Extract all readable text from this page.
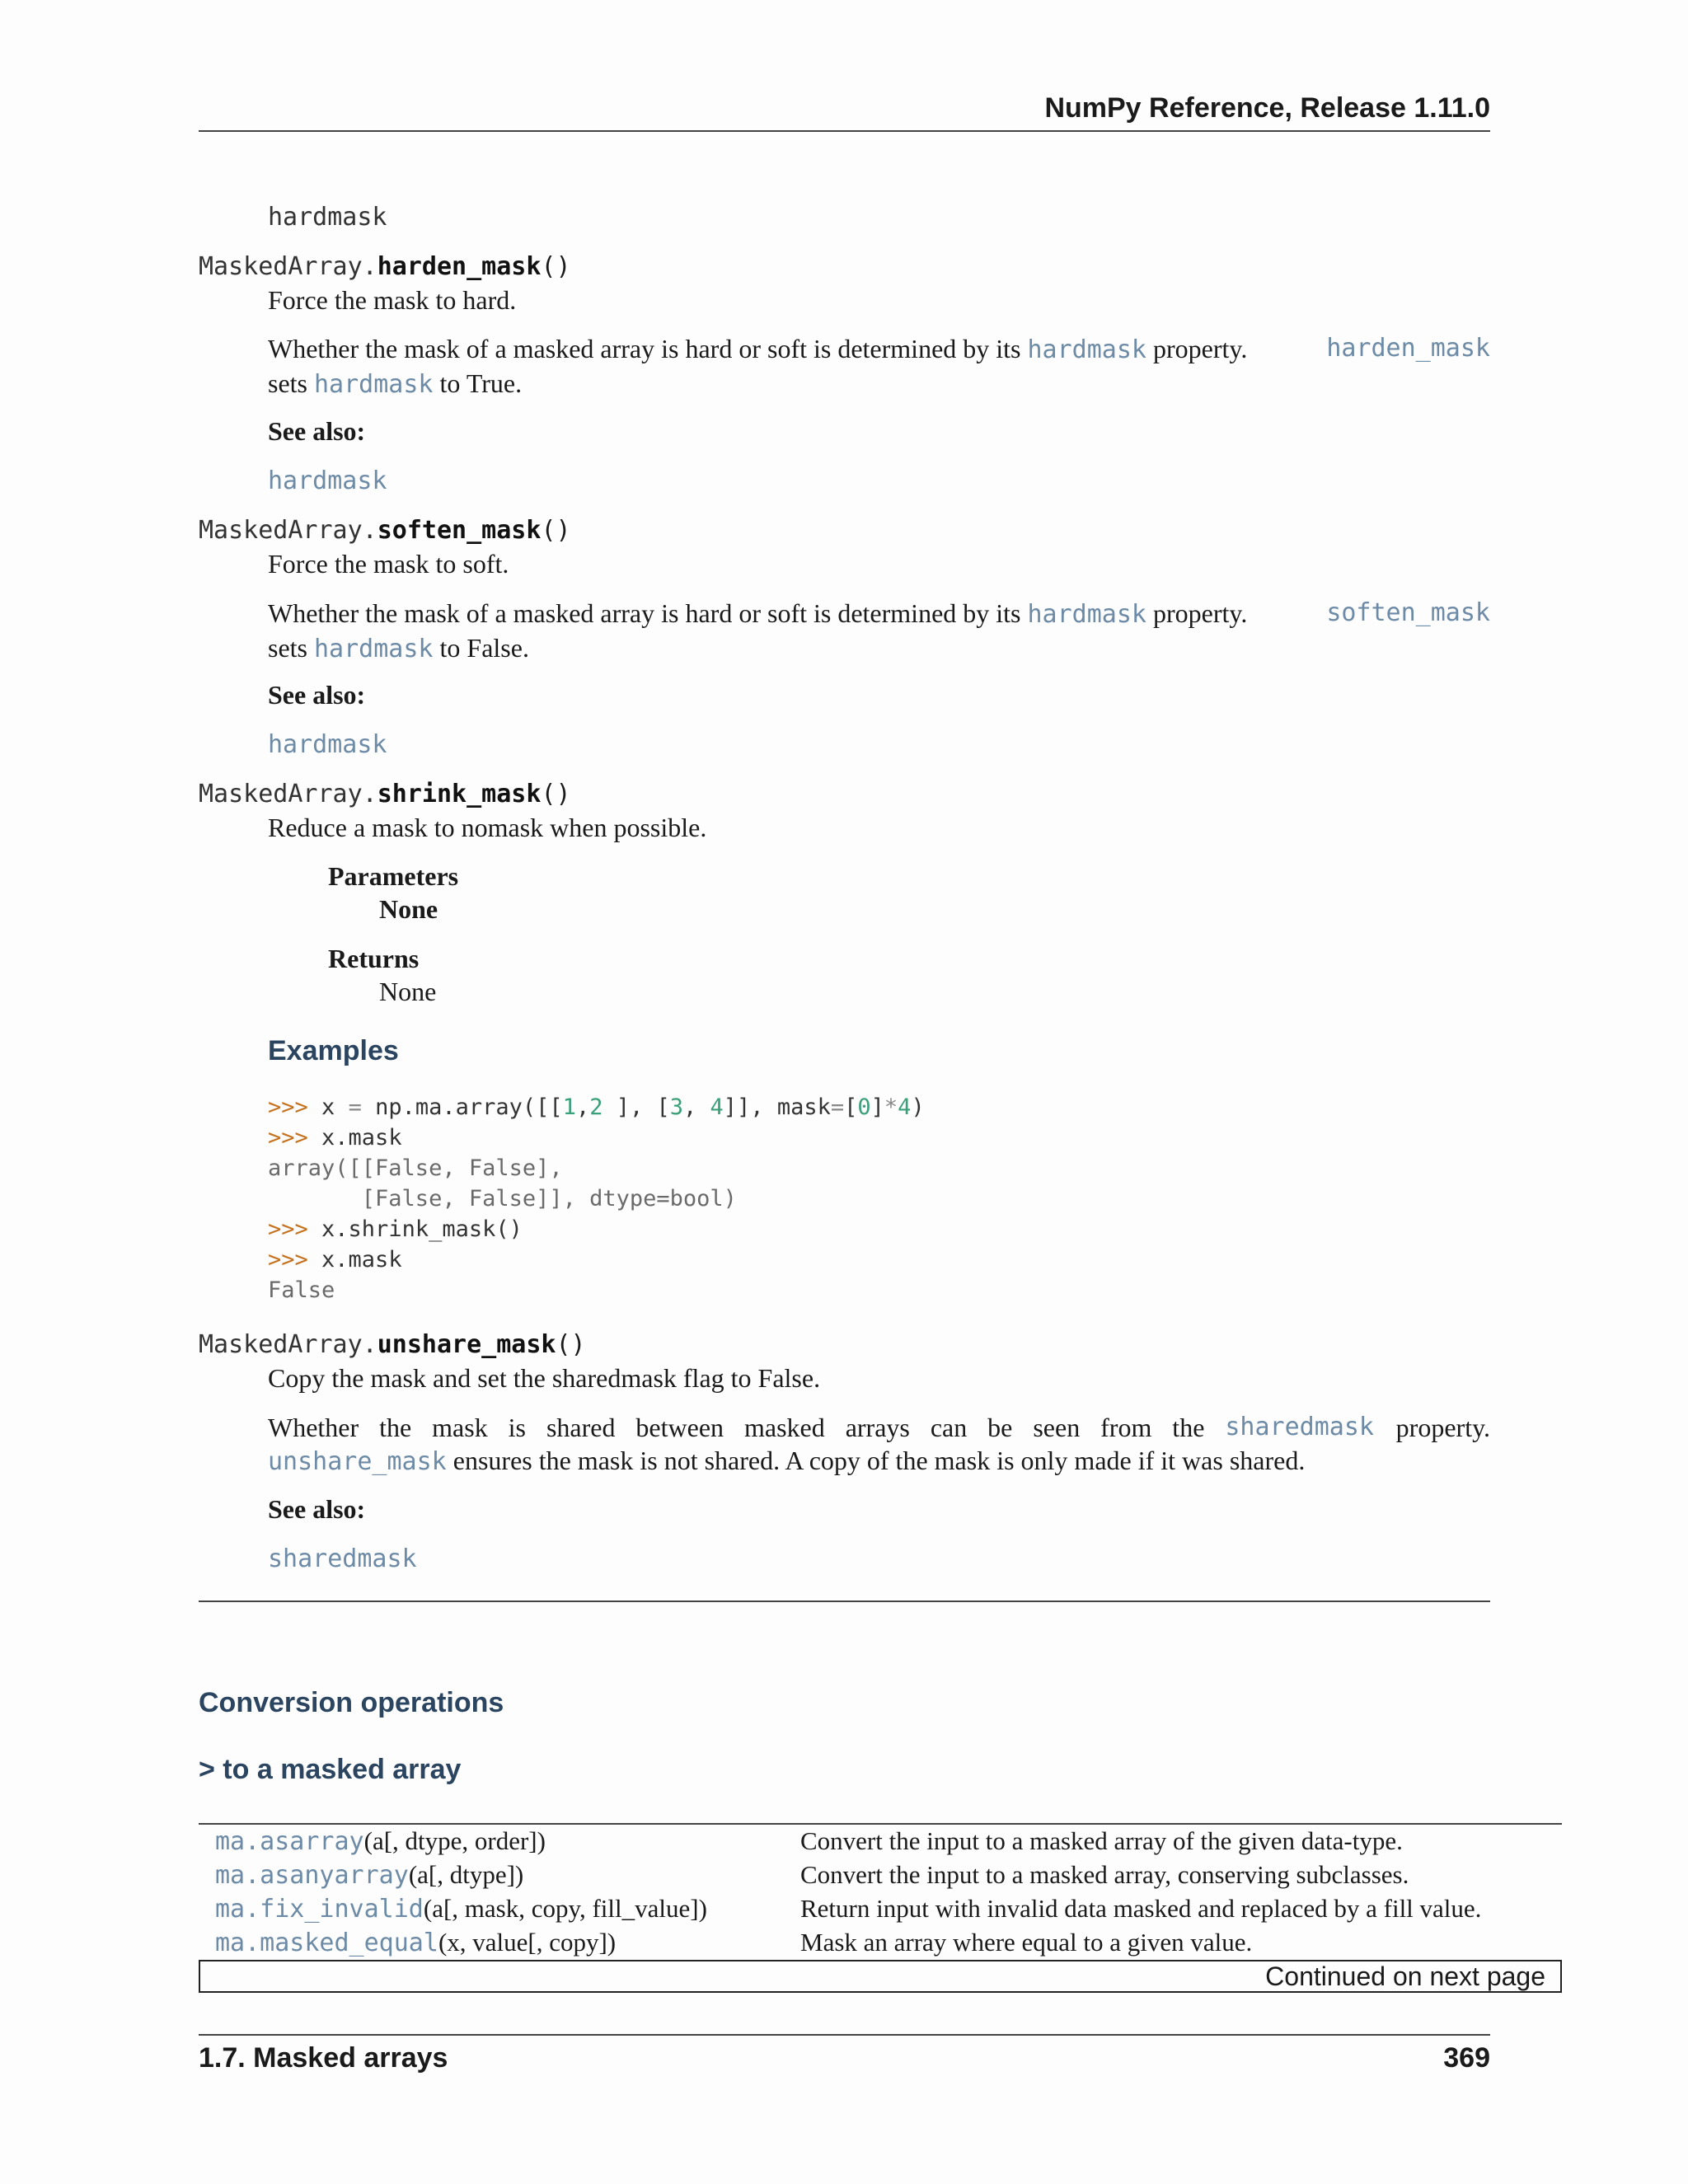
NumPy Reference, Release 1.11.0
hardmask
MaskedArray.harden_mask()
Force the mask to hard.
Whether the mask of a masked array is hard or soft is determined by its hardmask property.	harden_mask
sets hardmask to True.
See also:
hardmask
MaskedArray.soften_mask()
Force the mask to soft.
Whether the mask of a masked array is hard or soft is determined by its hardmask property.	soften_mask
sets hardmask to False.
See also:
hardmask
MaskedArray.shrink_mask()
Reduce a mask to nomask when possible.
Parameters
None
Returns
None
Examples
>>> x = np.ma.array([[1,2 ], [3, 4]], mask=[0]*4)
>>> x.mask
array([[False, False],
[False, False]], dtype=bool)
>>> x.shrink_mask()
>>> x.mask
False
MaskedArray.unshare_mask()
Copy the mask and set the sharedmask flag to False.
Whether the mask is shared between masked arrays can be seen from the sharedmask property.
unshare_mask ensures the mask is not shared. A copy of the mask is only made if it was shared.
See also:
sharedmask
Conversion operations
> to a masked array
ma.asarray(a[, dtype, order])	Convert the input to a masked array of the given data-type.
ma.asanyarray(a[, dtype])	Convert the input to a masked array, conserving subclasses.
ma.fix_invalid(a[, mask, copy, fill_value])	Return input with invalid data masked and replaced by a fill value.
ma.masked_equal(x, value[, copy])	Mask an array where equal to a given value.
Continued on next page
1.7. Masked arrays	369
